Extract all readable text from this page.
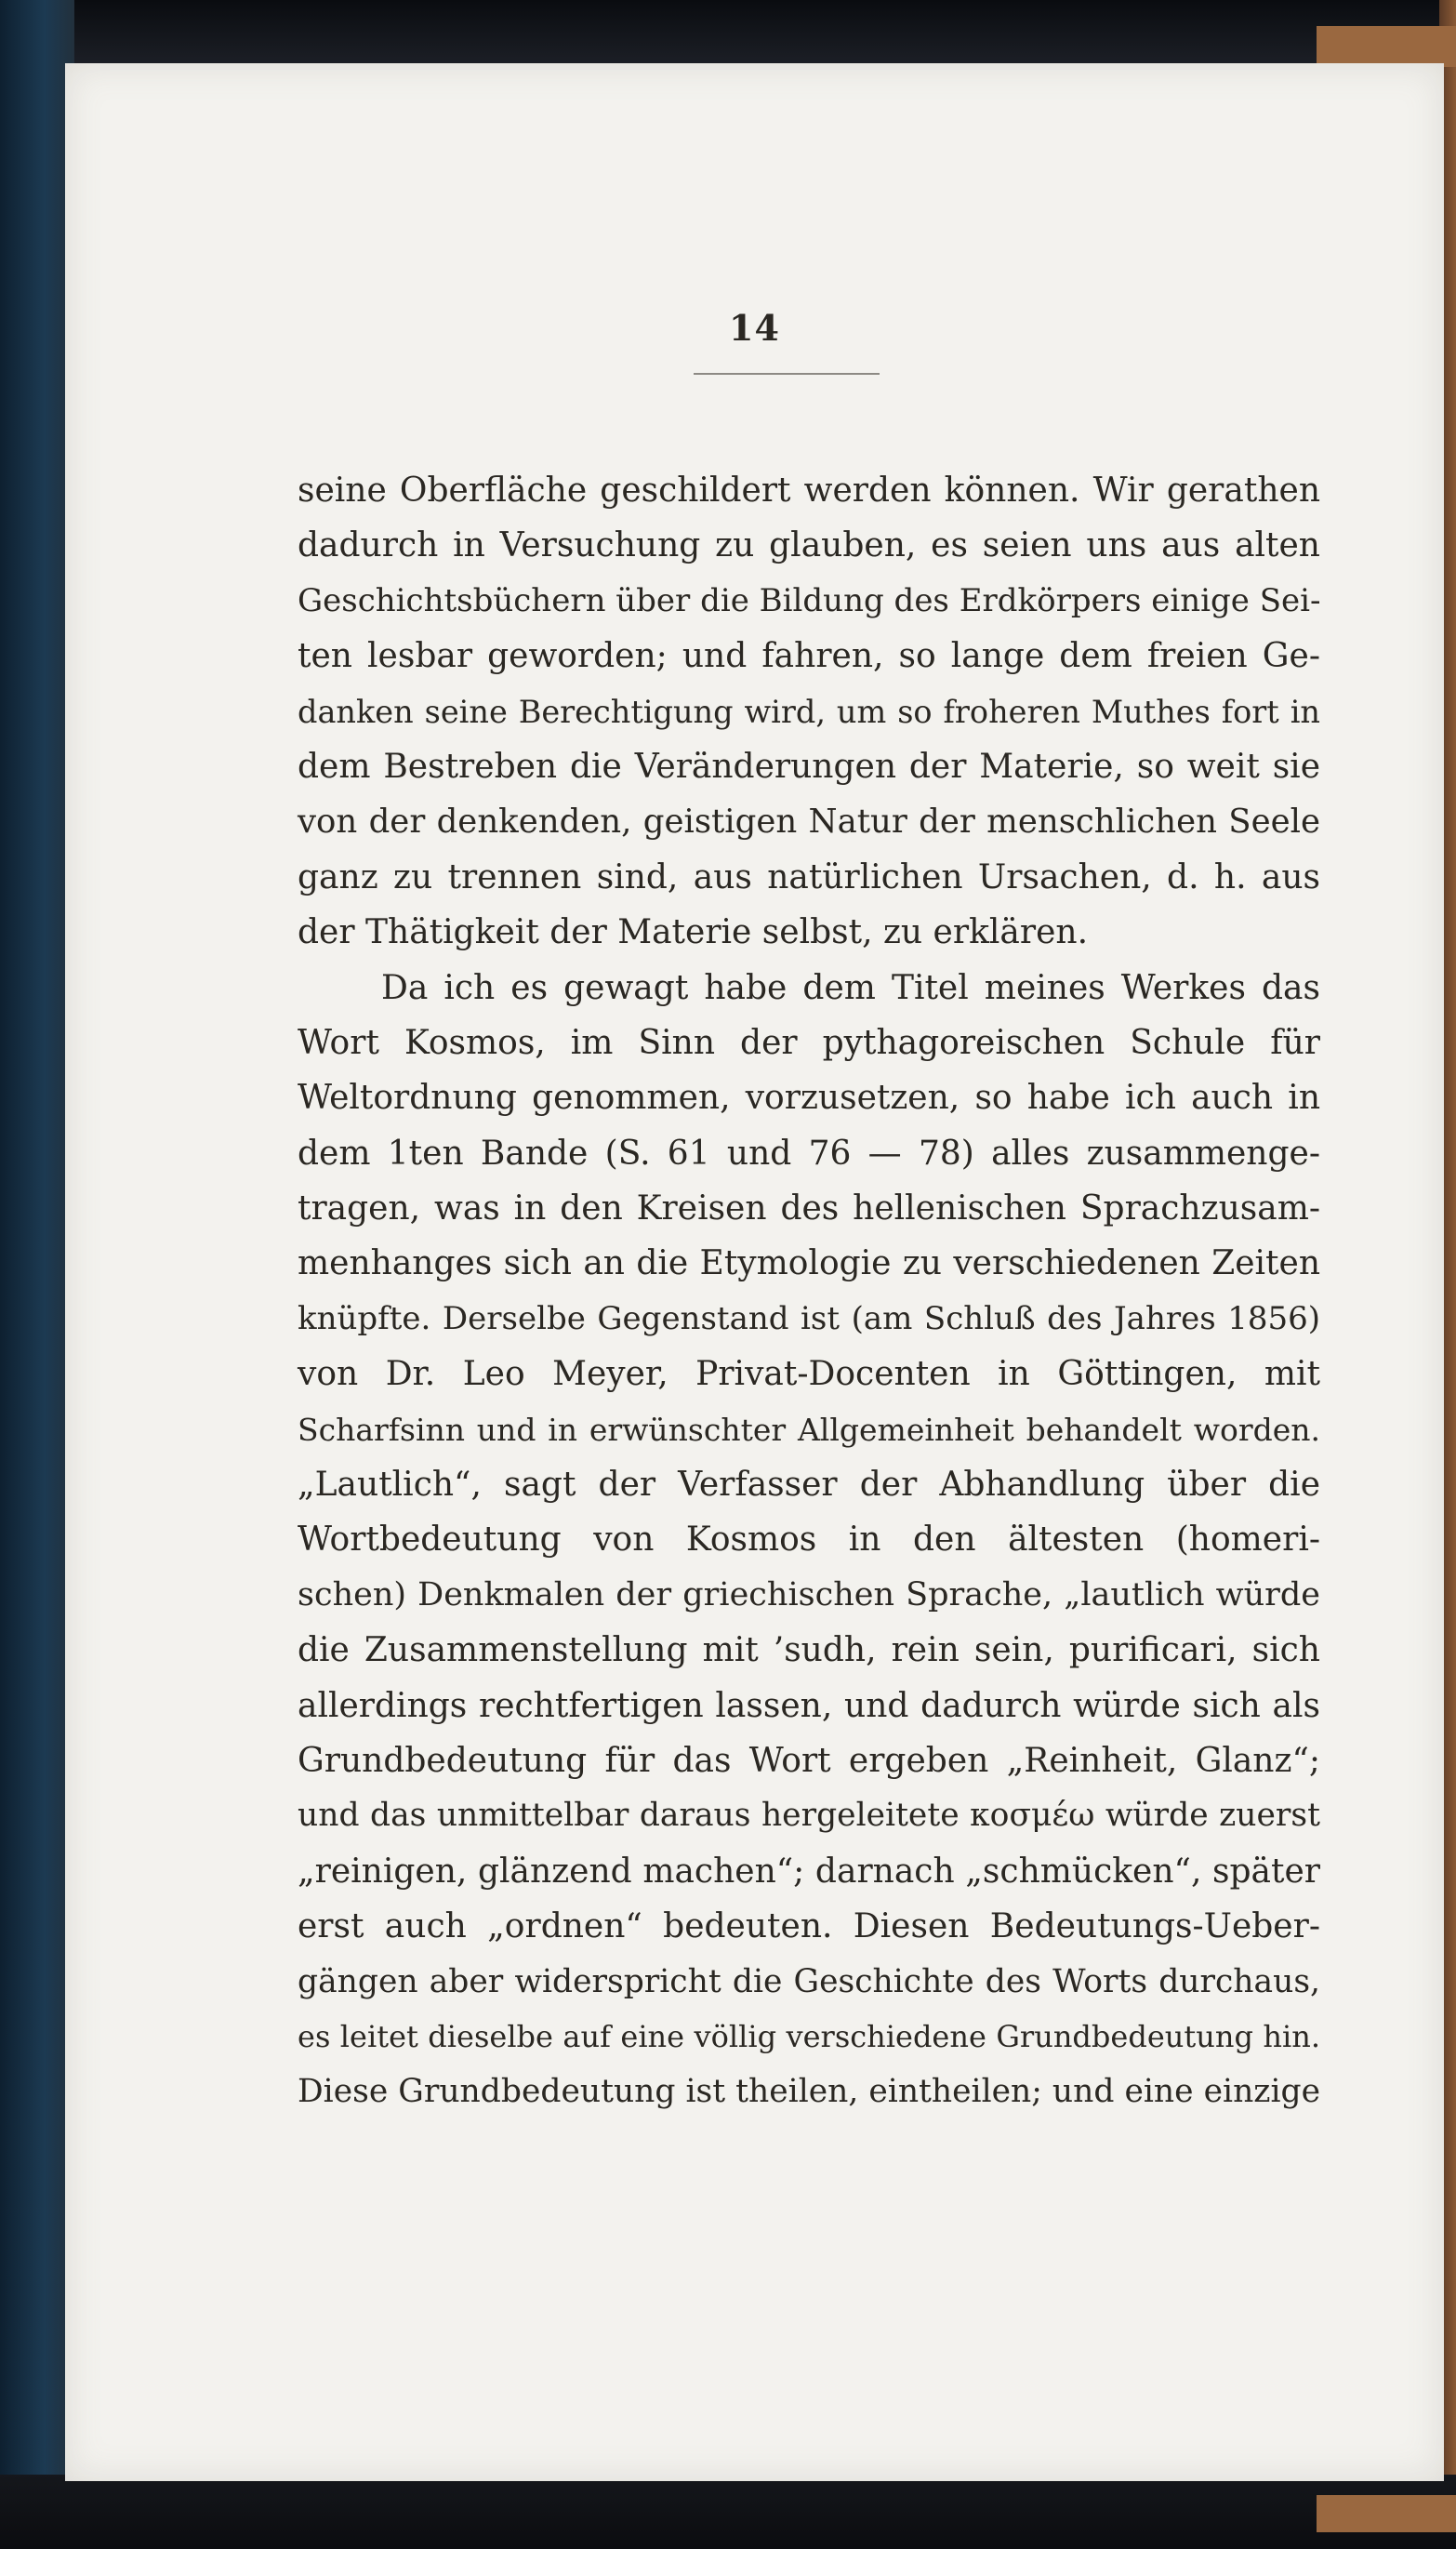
14
seine Oberfläche geschildert werden können. Wir gerathen
dadurch in Versuchung zu glauben, es seien uns aus alten
Geschichtsbüchern über die Bildung des Erdkörpers einige Sei-
ten lesbar geworden; und fahren, so lange dem freien Ge-
danken seine Berechtigung wird, um so froheren Muthes fort in
dem Bestreben die Veränderungen der Materie, so weit sie
von der denkenden, geistigen Natur der menschlichen Seele
ganz zu trennen sind, aus natürlichen Ursachen, d. h. aus
der Thätigkeit der Materie selbst, zu erklären.
Da ich es gewagt habe dem Titel meines Werkes das
Wort Kosmos, im Sinn der pythagoreischen Schule für
Weltordnung genommen, vorzusetzen, so habe ich auch in
dem 1ten Bande (S. 61 und 76 — 78) alles zusammenge-
tragen, was in den Kreisen des hellenischen Sprachzusam-
menhanges sich an die Etymologie zu verschiedenen Zeiten
knüpfte. Derselbe Gegenstand ist (am Schluß des Jahres 1856)
von Dr. Leo Meyer, Privat-Docenten in Göttingen, mit
Scharfsinn und in erwünschter Allgemeinheit behandelt worden.
„Lautlich“, sagt der Verfasser der Abhandlung über die
Wortbedeutung von Kosmos in den ältesten (homeri-
schen) Denkmalen der griechischen Sprache, „lautlich würde
die Zusammenstellung mit ’sudh, rein sein, purificari, sich
allerdings rechtfertigen lassen, und dadurch würde sich als
Grundbedeutung für das Wort ergeben „Reinheit, Glanz“;
und das unmittelbar daraus hergeleitete κοσμέω würde zuerst
„reinigen, glänzend machen“; darnach „schmücken“, später
erst auch „ordnen“ bedeuten. Diesen Bedeutungs-Ueber-
gängen aber widerspricht die Geschichte des Worts durchaus,
es leitet dieselbe auf eine völlig verschiedene Grundbedeutung hin.
Diese Grundbedeutung ist theilen, eintheilen; und eine einzige
